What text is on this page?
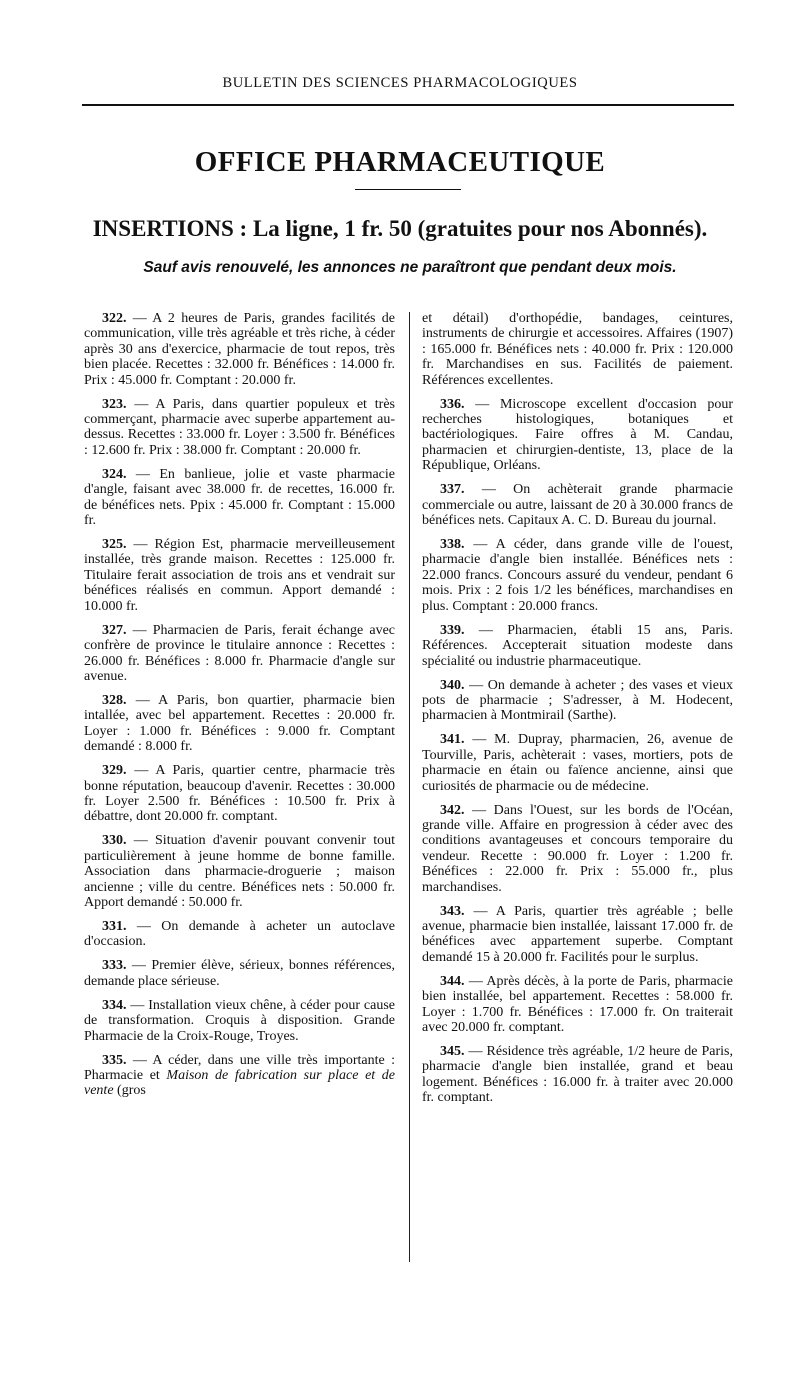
BULLETIN DES SCIENCES PHARMACOLOGIQUES
OFFICE PHARMACEUTIQUE
INSERTIONS : La ligne, 1 fr. 50 (gratuites pour nos Abonnés).
Sauf avis renouvelé, les annonces ne paraîtront que pendant deux mois.

322. — A 2 heures de Paris, grandes facilités de communication, ville très agréable et très riche, à céder après 30 ans d'exercice, pharmacie de tout repos, très bien placée. Recettes : 32.000 fr. Bénéfices : 14.000 fr. Prix : 45.000 fr. Comptant : 20.000 fr.

323. — A Paris, dans quartier populeux et très commerçant, pharmacie avec superbe appartement au-dessus. Recettes : 33.000 fr. Loyer : 3.500 fr. Bénéfices : 12.600 fr. Prix : 38.000 fr. Comptant : 20.000 fr.

324. — En banlieue, jolie et vaste pharmacie d'angle, faisant avec 38.000 fr. de recettes, 16.000 fr. de bénéfices nets. Ppix : 45.000 fr. Comptant : 15.000 fr.

325. — Région Est, pharmacie merveilleusement installée, très grande maison. Recettes : 125.000 fr. Titulaire ferait association de trois ans et vendrait sur bénéfices réalisés en commun. Apport demandé : 10.000 fr.

327. — Pharmacien de Paris, ferait échange avec confrère de province le titulaire annonce : Recettes : 26.000 fr. Bénéfices : 8.000 fr. Pharmacie d'angle sur avenue.

328. — A Paris, bon quartier, pharmacie bien intallée, avec bel appartement. Recettes : 20.000 fr. Loyer : 1.000 fr. Bénéfices : 9.000 fr. Comptant demandé : 8.000 fr.

329. — A Paris, quartier centre, pharmacie très bonne réputation, beaucoup d'avenir. Recettes : 30.000 fr. Loyer 2.500 fr. Bénéfices : 10.500 fr. Prix à débattre, dont 20.000 fr. comptant.

330. — Situation d'avenir pouvant convenir tout particulièrement à jeune homme de bonne famille. Association dans pharmacie-droguerie ; maison ancienne ; ville du centre. Bénéfices nets : 50.000 fr. Apport demandé : 50.000 fr.

331. — On demande à acheter un autoclave d'occasion.

333. — Premier élève, sérieux, bonnes références, demande place sérieuse.

334. — Installation vieux chêne, à céder pour cause de transformation. Croquis à disposition. Grande Pharmacie de la Croix-Rouge, Troyes.

335. — A céder, dans une ville très importante : Pharmacie et Maison de fabrication sur place et de vente (gros

et détail) d'orthopédie, bandages, ceintures, instruments de chirurgie et accessoires. Affaires (1907) : 165.000 fr. Bénéfices nets : 40.000 fr. Prix : 120.000 fr. Marchandises en sus. Facilités de paiement. Références excellentes.

336. — Microscope excellent d'occasion pour recherches histologiques, botaniques et bactériologiques. Faire offres à M. Candau, pharmacien et chirurgien-dentiste, 13, place de la République, Orléans.

337. — On achèterait grande pharmacie commerciale ou autre, laissant de 20 à 30.000 francs de bénéfices nets. Capitaux A. C. D. Bureau du journal.

338. — A céder, dans grande ville de l'ouest, pharmacie d'angle bien installée. Bénéfices nets : 22.000 francs. Concours assuré du vendeur, pendant 6 mois. Prix : 2 fois 1/2 les bénéfices, marchandises en plus. Comptant : 20.000 francs.

339. — Pharmacien, établi 15 ans, Paris. Références. Accepterait situation modeste dans spécialité ou industrie pharmaceutique.

340. — On demande à acheter ; des vases et vieux pots de pharmacie ; S'adresser, à M. Hodecent, pharmacien à Montmirail (Sarthe).

341. — M. Dupray, pharmacien, 26, avenue de Tourville, Paris, achèterait : vases, mortiers, pots de pharmacie en étain ou faïence ancienne, ainsi que curiosités de pharmacie ou de médecine.

342. — Dans l'Ouest, sur les bords de l'Océan, grande ville. Affaire en progression à céder avec des conditions avantageuses et concours temporaire du vendeur. Recette : 90.000 fr. Loyer : 1.200 fr. Bénéfices : 22.000 fr. Prix : 55.000 fr., plus marchandises.

343. — A Paris, quartier très agréable ; belle avenue, pharmacie bien installée, laissant 17.000 fr. de bénéfices avec appartement superbe. Comptant demandé 15 à 20.000 fr. Facilités pour le surplus.

344. — Après décès, à la porte de Paris, pharmacie bien installée, bel appartement. Recettes : 58.000 fr. Loyer : 1.700 fr. Bénéfices : 17.000 fr. On traiterait avec 20.000 fr. comptant.

345. — Résidence très agréable, 1/2 heure de Paris, pharmacie d'angle bien installée, grand et beau logement. Bénéfices : 16.000 fr. à traiter avec 20.000 fr. comptant.
